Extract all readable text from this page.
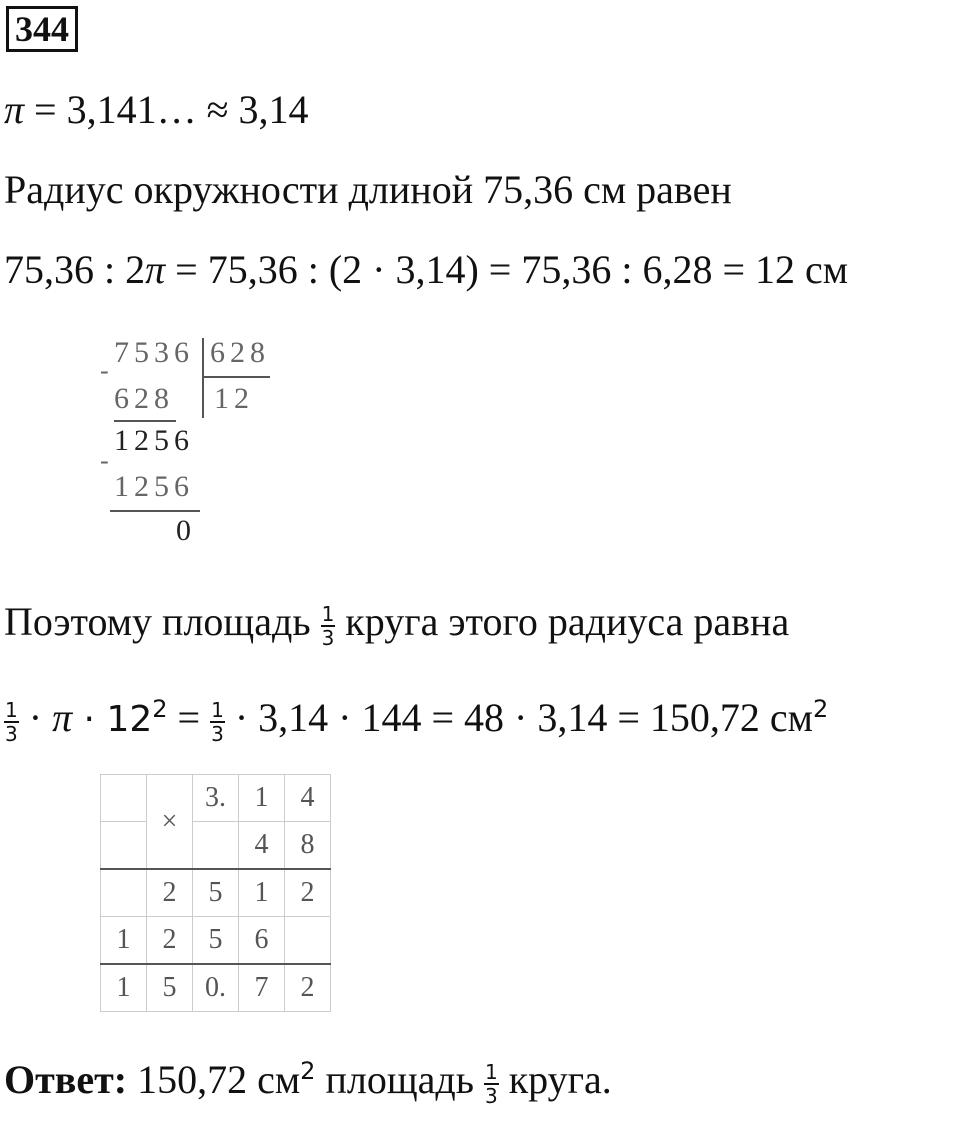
344
π = 3,141… ≈ 3,14
Радиус окружности длиной 75,36 см равен
75,36 : 2π = 75,36 : (2 · 3,14) = 75,36 : 6,28 = 12 см
7536 628
-
628 12
1256
-
1256
0
Поэтому площадь $\frac{1}{3}$ круга этого радиуса равна
$\frac{1}{3} \cdot \pi \cdot 12^2 = \frac{1}{3} \cdot 3,14 \cdot 144 = 48 \cdot 3,14 = 150,72$ $см^2$
	×	3.	1	4
			4	8
	2	5	1	2
1	2	5	6	
1	5	0.	7	2
Ответ: 150,72 $см^2$ площадь $\frac{1}{3}$ круга.
